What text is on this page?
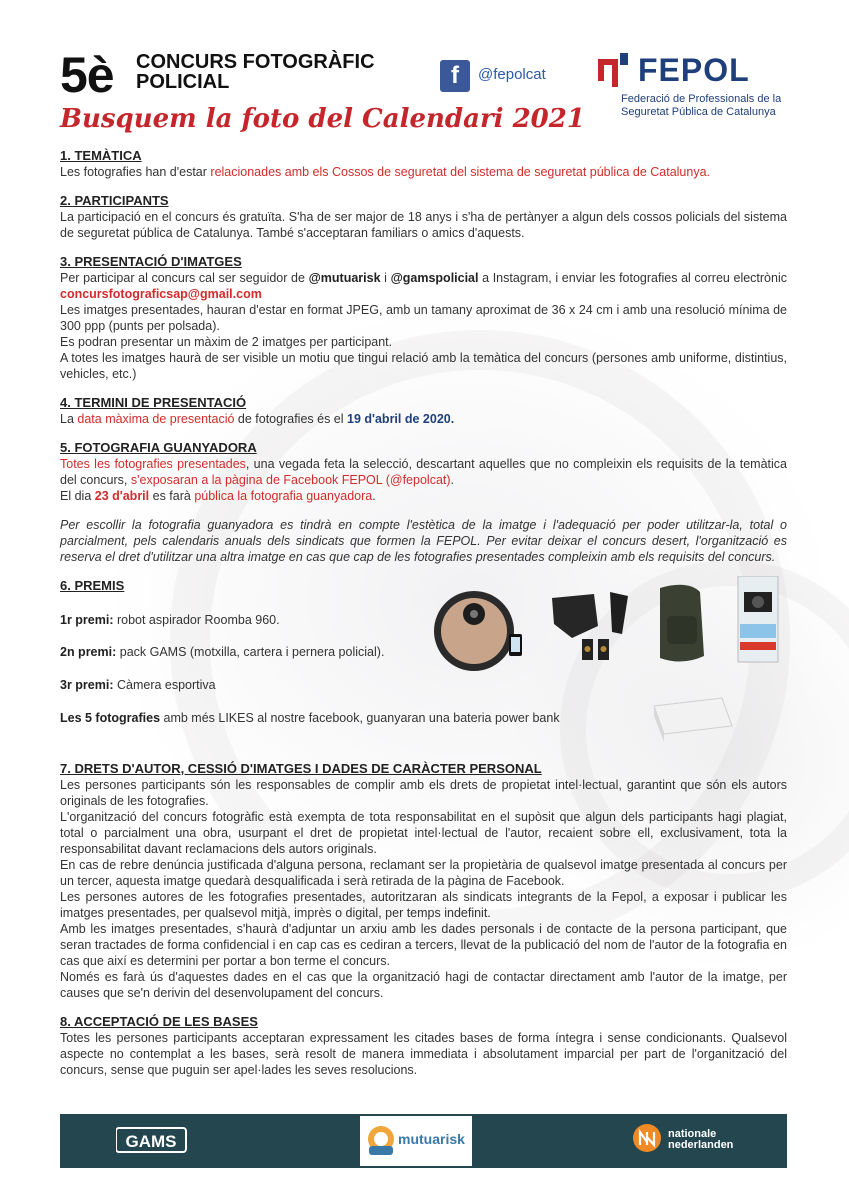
5è CONCURS FOTOGRÀFIC
POLICIAL	f	@fepolcat	FEPOL
Federació de Professionals de la
Seguretat Pública de Catalunya
Busquem la foto del Calendari 2021
1. TEMÀTICA
Les fotografies han d'estar relacionades amb els Cossos de seguretat del sistema de seguretat pública de Catalunya.
2. PARTICIPANTS
La participació en el concurs és gratuïta. S'ha de ser major de 18 anys i s'ha de pertànyer a algun dels cossos policials del sistema de seguretat pública de Catalunya. També s'acceptaran familiars o amics d'aquests.
3. PRESENTACIÓ D'IMATGES
Per participar al concurs cal ser seguidor de @mutuarisk i @gamspolicial a Instagram, i enviar les fotografies al correu electrònic concursfotograficsap@gmail.com
Les imatges presentades, hauran d'estar en format JPEG, amb un tamany aproximat de 36 x 24 cm i amb una resolució mínima de 300 ppp (punts per polsada).
Es podran presentar un màxim de 2 imatges per participant.
A totes les imatges haurà de ser visible un motiu que tingui relació amb la temàtica del concurs (persones amb uniforme, distintius, vehicles, etc.)
4. TERMINI DE PRESENTACIÓ
La data màxima de presentació de fotografies és el 19 d'abril de 2020.
5. FOTOGRAFIA GUANYADORA
Totes les fotografies presentades, una vegada feta la selecció, descartant aquelles que no compleixin els requisits de la temàtica del concurs, s'exposaran a la pàgina de Facebook FEPOL (@fepolcat).
El dia 23 d'abril es farà pública la fotografia guanyadora.
Per escollir la fotografia guanyadora es tindrà en compte l'estètica de la imatge i l'adequació per poder utilitzar-la, total o parcialment, pels calendaris anuals dels sindicats que formen la FEPOL. Per evitar deixar el concurs desert, l'organització es reserva el dret d'utilitzar una altra imatge en cas que cap de les fotografies presentades compleixin amb els requisits del concurs.
6. PREMIS
1r premi: robot aspirador Roomba 960.
2n premi: pack GAMS (motxilla, cartera i pernera policial).
3r premi: Càmera esportiva
Les 5 fotografies amb més LIKES al nostre facebook, guanyaran una bateria power bank
7. DRETS D'AUTOR, CESSIÓ D'IMATGES I DADES DE CARÀCTER PERSONAL
Les persones participants són les responsables de complir amb els drets de propietat intel·lectual, garantint que són els autors originals de les fotografies.
L'organització del concurs fotogràfic està exempta de tota responsabilitat en el supòsit que algun dels participants hagi plagiat, total o parcialment una obra, usurpant el dret de propietat intel·lectual de l'autor, recaient sobre ell, exclusivament, tota la responsabilitat davant reclamacions dels autors originals.
En cas de rebre denúncia justificada d'alguna persona, reclamant ser la propietària de qualsevol imatge presentada al concurs per un tercer, aquesta imatge quedarà desqualificada i serà retirada de la pàgina de Facebook.
Les persones autores de les fotografies presentades, autoritzaran als sindicats integrants de la Fepol, a exposar i publicar les imatges presentades, per qualsevol mitjà, imprès o digital, per temps indefinit.
Amb les imatges presentades, s'haurà d'adjuntar un arxiu amb les dades personals i de contacte de la persona participant, que seran tractades de forma confidencial i en cap cas es cediran a tercers, llevat de la publicació del nom de l'autor de la fotografia en cas que així es determini per portar a bon terme el concurs.
Només es farà ús d'aquestes dades en el cas que la organització hagi de contactar directament amb l'autor de la imatge, per causes que se'n derivin del desenvolupament del concurs.
8. ACCEPTACIÓ DE LES BASES
Totes les persones participants acceptaran expressament les citades bases de forma íntegra i sense condicionants. Qualsevol aspecte no contemplat a les bases, serà resolt de manera immediata i absolutament imparcial per part de l'organització del concurs, sense que puguin ser apel·lades les seves resolucions.
GAMS	mutuarisk	nationale
nederlanden
